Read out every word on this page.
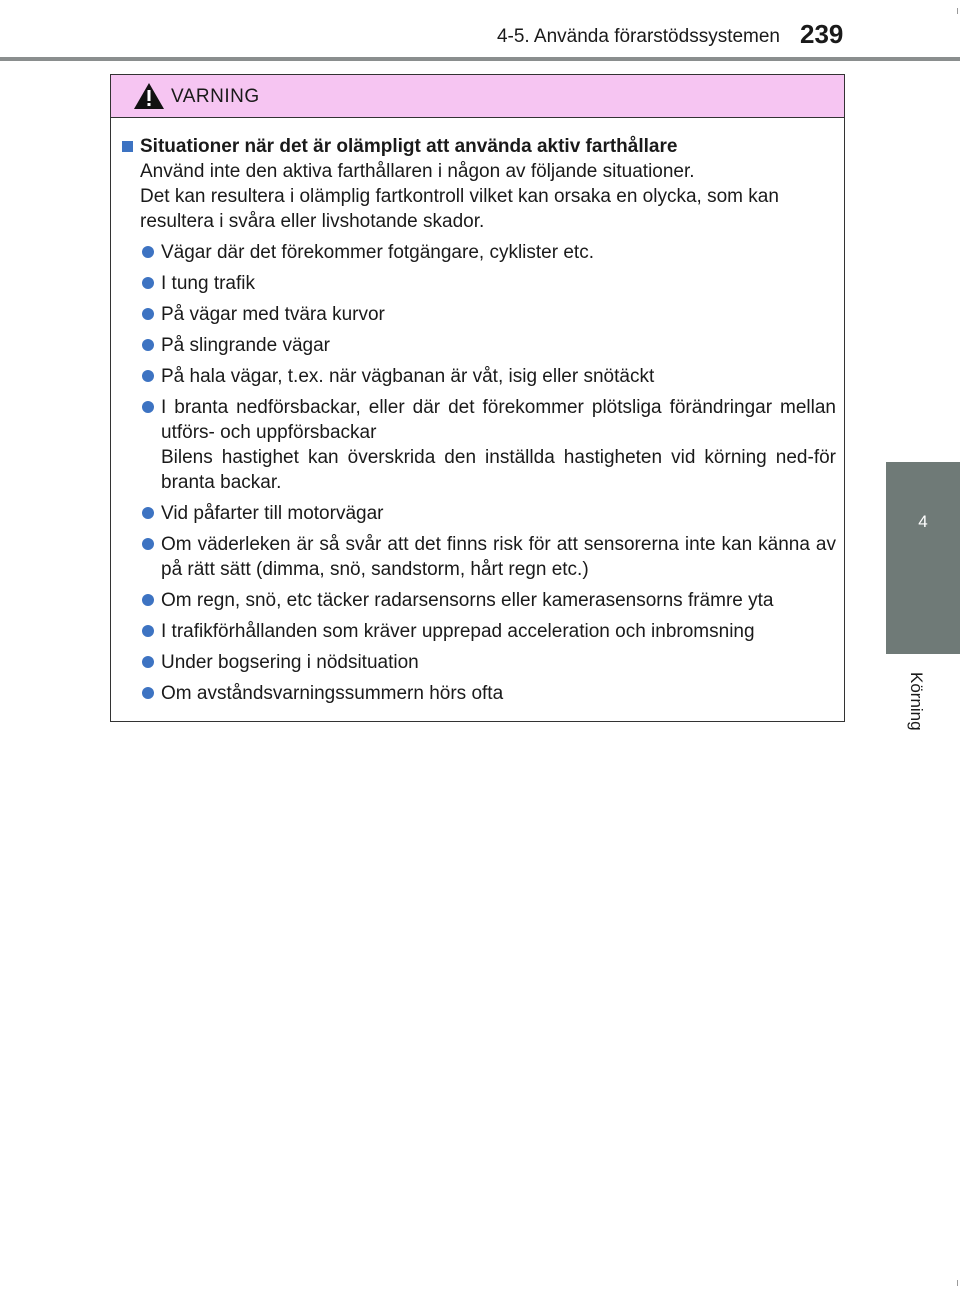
4-5. Använda förarstödssystemen 239
4
Körning
VARNING
Situationer när det är olämpligt att använda aktiv farthållare
Använd inte den aktiva farthållaren i någon av följande situationer.
Det kan resultera i olämplig fartkontroll vilket kan orsaka en olycka, som kan resultera i svåra eller livshotande skador.
Vägar där det förekommer fotgängare, cyklister etc.
I tung trafik
På vägar med tvära kurvor
På slingrande vägar
På hala vägar, t.ex. när vägbanan är våt, isig eller snötäckt
I branta nedförsbackar, eller där det förekommer plötsliga förändringar mellan utförs- och uppförsbackar
Bilens hastighet kan överskrida den inställda hastigheten vid körning ned-för branta backar.
Vid påfarter till motorvägar
Om väderleken är så svår att det finns risk för att sensorerna inte kan känna av på rätt sätt (dimma, snö, sandstorm, hårt regn etc.)
Om regn, snö, etc täcker radarsensorns eller kamerasensorns främre yta
I trafikförhållanden som kräver upprepad acceleration och inbromsning
Under bogsering i nödsituation
Om avståndsvarningssummern hörs ofta
